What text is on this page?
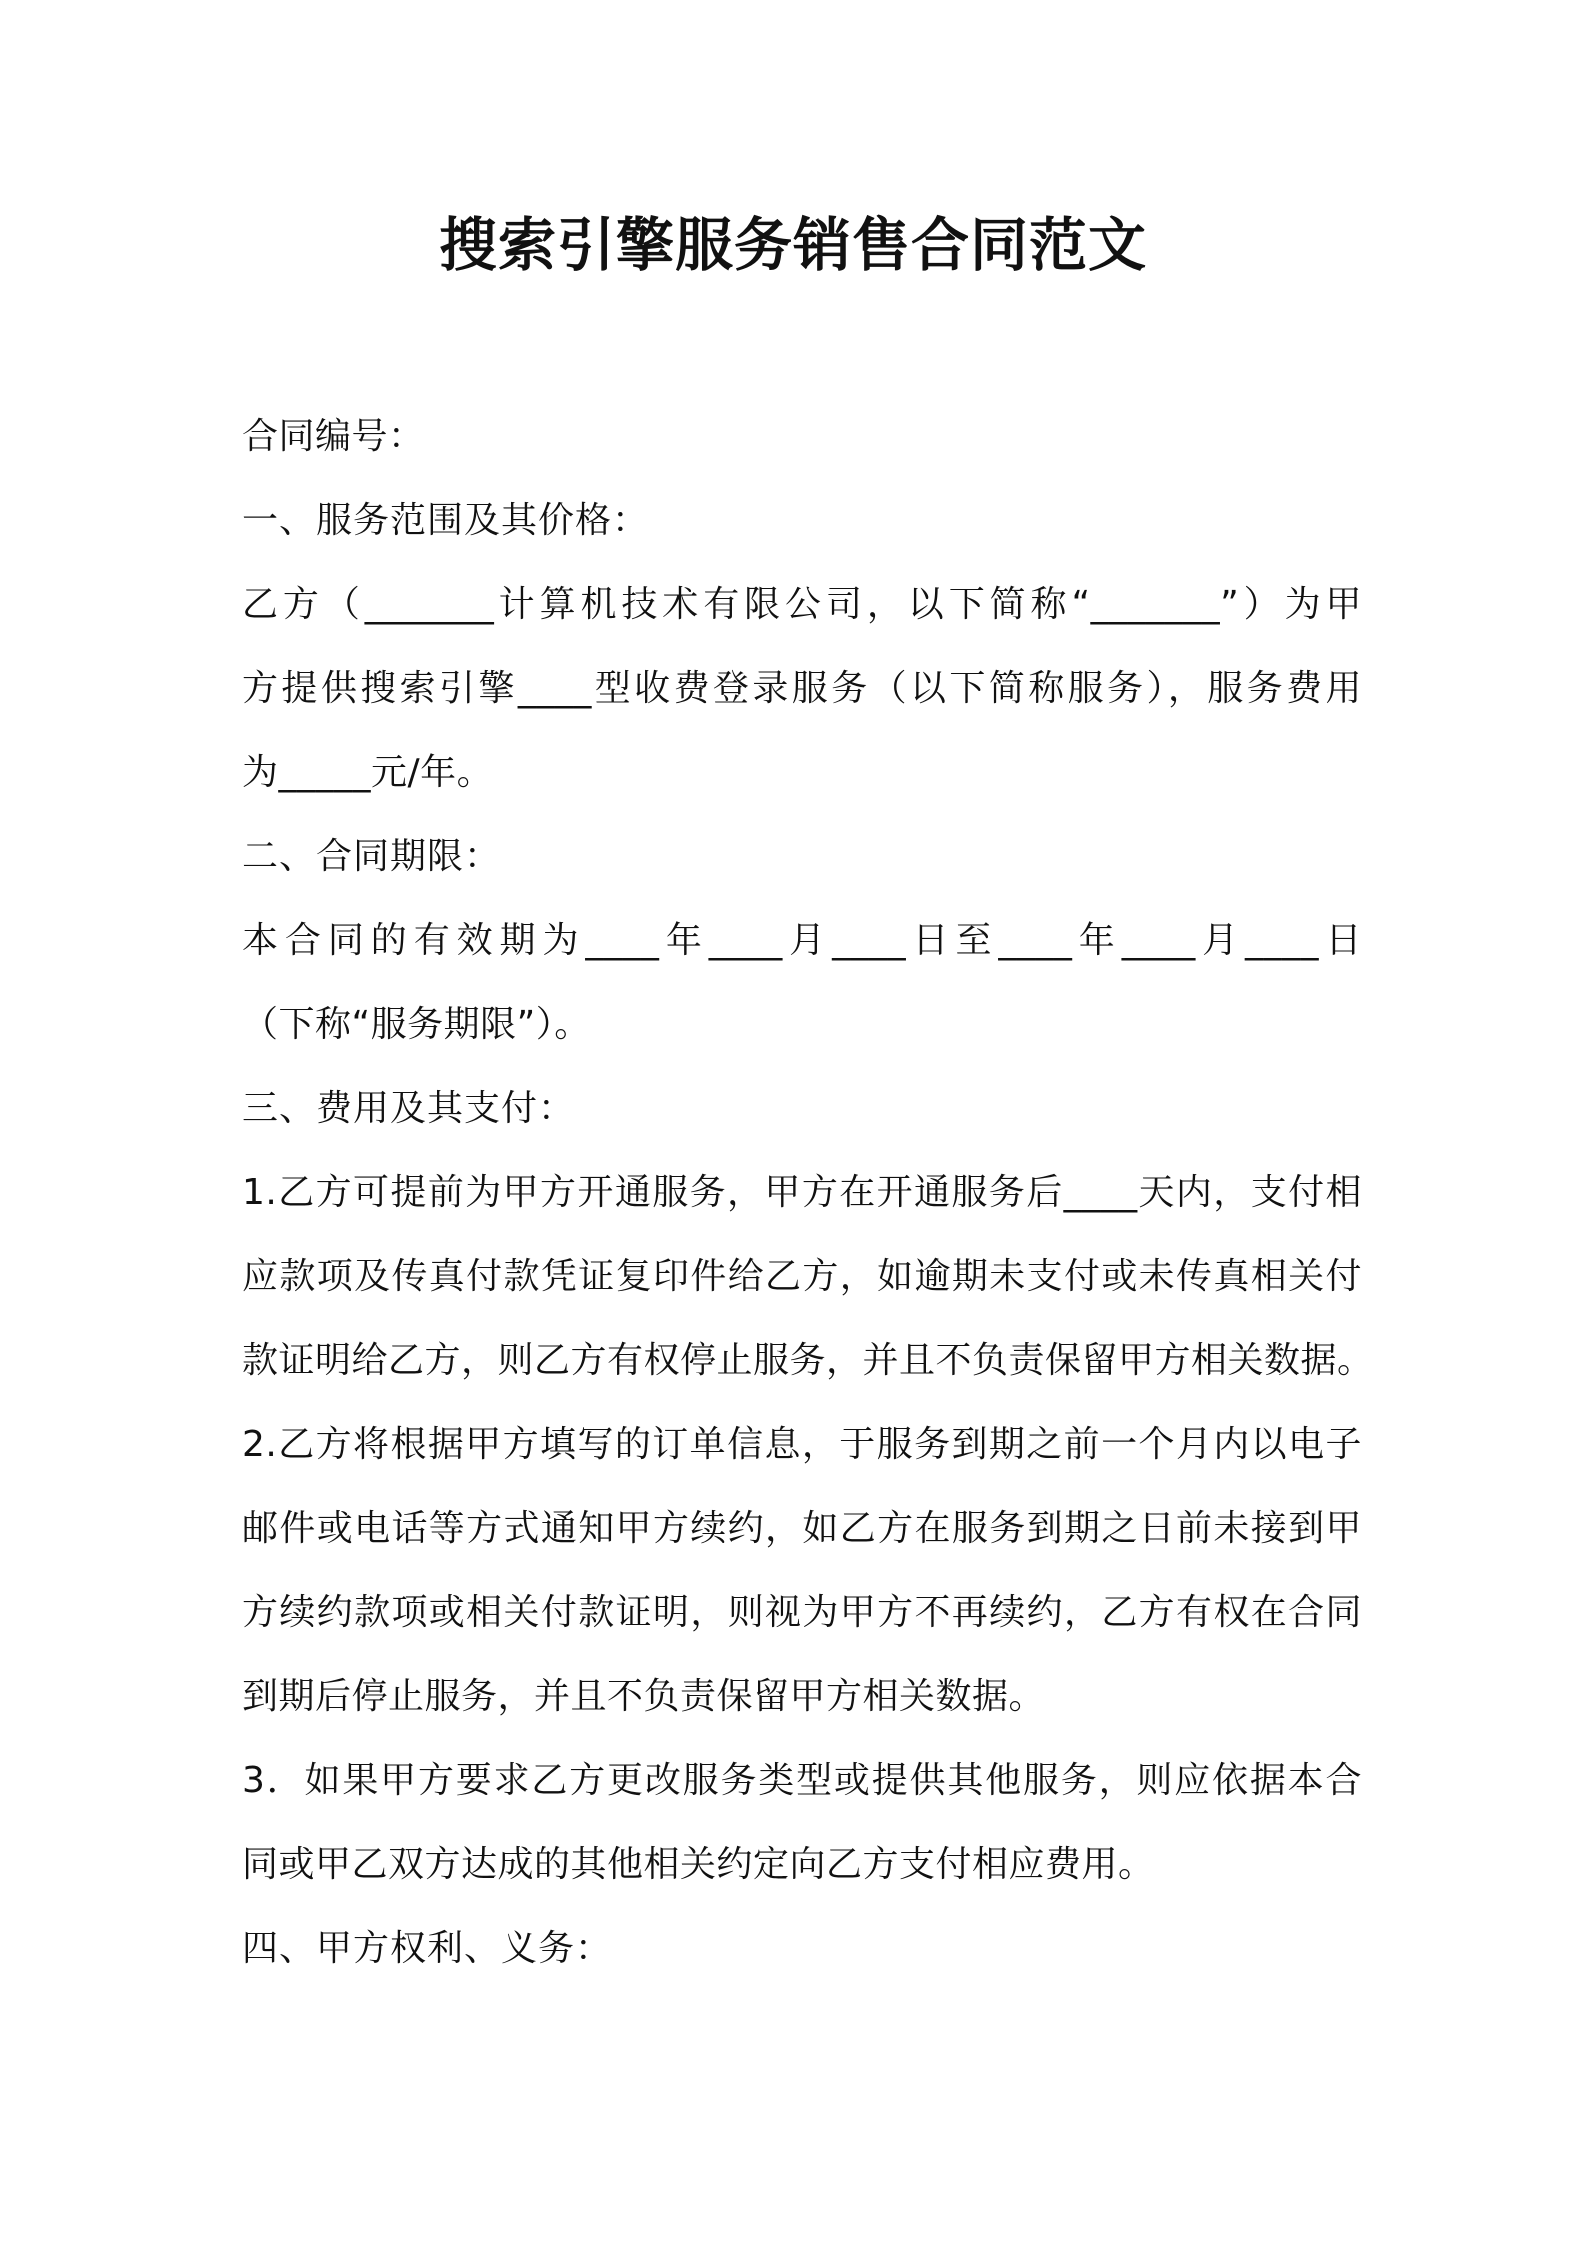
搜索引擎服务销售合同范文
合同编号：
一、服务范围及其价格：
乙方（_______计算机技术有限公司，以下简称“_______”）为甲
方提供搜索引擎____型收费登录服务（以下简称服务），服务费用
为_____元/年。
二、合同期限：
本合同的有效期为____年____月____日至____年____月____日
（下称“服务期限”）。
三、费用及其支付：
1.乙方可提前为甲方开通服务，甲方在开通服务后____天内，支付相
应款项及传真付款凭证复印件给乙方，如逾期未支付或未传真相关付
款证明给乙方，则乙方有权停止服务，并且不负责保留甲方相关数据。
2.乙方将根据甲方填写的订单信息，于服务到期之前一个月内以电子
邮件或电话等方式通知甲方续约，如乙方在服务到期之日前未接到甲
方续约款项或相关付款证明，则视为甲方不再续约，乙方有权在合同
到期后停止服务，并且不负责保留甲方相关数据。
3．如果甲方要求乙方更改服务类型或提供其他服务，则应依据本合
同或甲乙双方达成的其他相关约定向乙方支付相应费用。
四、甲方权利、义务：
